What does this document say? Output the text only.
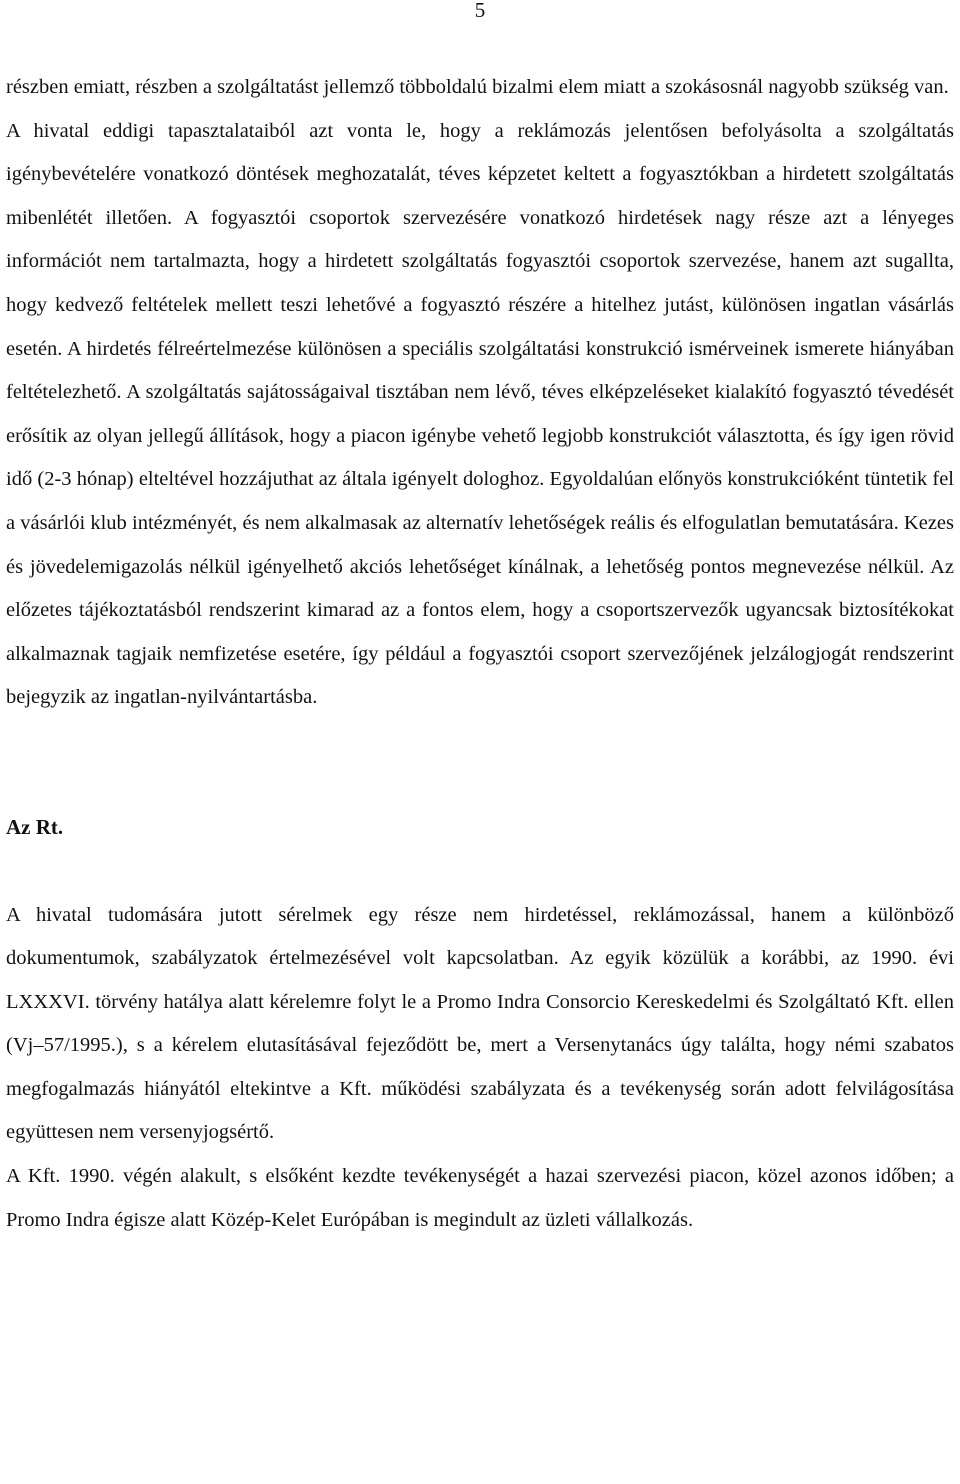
5

részben emiatt, részben a szolgáltatást jellemző többoldalú bizalmi elem miatt a szokásosnál nagyobb szükség van.

A hivatal eddigi tapasztalataiból azt vonta le, hogy a reklámozás jelentősen befolyásolta a szolgáltatás igénybevételére vonatkozó döntések meghozatalát, téves képzetet keltett a fogyasztókban a hirdetett szolgáltatás mibenlétét illetően. A fogyasztói csoportok szervezésére vonatkozó hirdetések nagy része azt a lényeges információt nem tartalmazta, hogy a hirdetett szolgáltatás fogyasztói csoportok szervezése, hanem azt sugallta, hogy kedvező feltételek mellett teszi lehetővé a fogyasztó részére a hitelhez jutást, különösen ingatlan vásárlás esetén. A hirdetés félreértelmezése különösen a speciális szolgáltatási konstrukció ismérveinek ismerete hiányában feltételezhető. A szolgáltatás sajátosságaival tisztában nem lévő, téves elképzeléseket kialakító fogyasztó tévedését erősítik az olyan jellegű állítások, hogy a piacon igénybe vehető legjobb konstrukciót választotta, és így igen rövid idő (2-3 hónap) elteltével hozzájuthat az általa igényelt dologhoz. Egyoldalúan előnyös konstrukcióként tüntetik fel a vásárlói klub intézményét, és nem alkalmasak az alternatív lehetőségek reális és elfogulatlan bemutatására. Kezes és jövedelemigazolás nélkül igényelhető akciós lehetőséget kínálnak, a lehetőség pontos megnevezése nélkül. Az előzetes tájékoztatásból rendszerint kimarad az a fontos elem, hogy a csoportszervezők ugyancsak biztosítékokat alkalmaznak tagjaik nemfizetése esetére, így például a fogyasztói csoport szervezőjének jelzálogjogát rendszerint bejegyzik az ingatlan-nyilvántartásba.

Az Rt.

A hivatal tudomására jutott sérelmek egy része nem hirdetéssel, reklámozással, hanem a különböző dokumentumok, szabályzatok értelmezésével volt kapcsolatban. Az egyik közülük a korábbi, az 1990. évi LXXXVI. törvény hatálya alatt kérelemre folyt le a Promo Indra Consorcio Kereskedelmi és Szolgáltató Kft. ellen (Vj–57/1995.), s a kérelem elutasításával fejeződött be, mert a Versenytanács úgy találta, hogy némi szabatos megfogalmazás hiányától eltekintve a Kft. működési szabályzata és a tevékenység során adott felvilágosítása együttesen nem versenyjogsértő.

A Kft. 1990. végén alakult, s elsőként kezdte tevékenységét a hazai szervezési piacon, közel azonos időben; a Promo Indra égisze alatt Közép-Kelet Európában is megindult az üzleti vállalkozás.
